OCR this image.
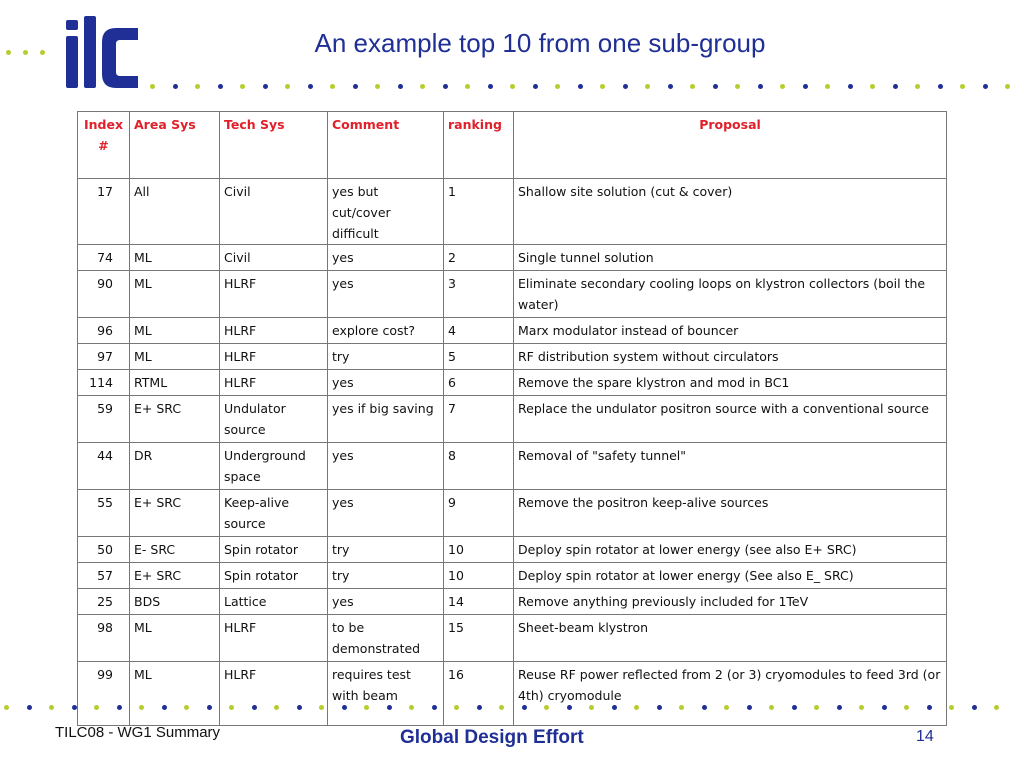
ilc
An example top 10 from one sub-group
Index #	Area Sys	Tech Sys	Comment	ranking	Proposal
17	All	Civil	yes but cut/cover difficult	1	Shallow site solution (cut & cover)
74	ML	Civil	yes	2	Single tunnel solution
90	ML	HLRF	yes	3	Eliminate secondary cooling loops on klystron collectors (boil the water)
96	ML	HLRF	explore cost?	4	Marx modulator instead of bouncer
97	ML	HLRF	try	5	RF distribution system without circulators
114	RTML	HLRF	yes	6	Remove the spare klystron and mod in BC1
59	E+ SRC	Undulator source	yes if big saving	7	Replace the undulator positron source with a conventional source
44	DR	Underground space	yes	8	Removal of "safety tunnel"
55	E+ SRC	Keep-alive source	yes	9	Remove the positron keep-alive sources
50	E- SRC	Spin rotator	try	10	Deploy spin rotator at lower energy (see also E+ SRC)
57	E+ SRC	Spin rotator	try	10	Deploy spin rotator at lower energy (See also E_ SRC)
25	BDS	Lattice	yes	14	Remove anything previously included for 1TeV
98	ML	HLRF	to be demonstrated	15	Sheet-beam klystron
99	ML	HLRF	requires test with beam	16	Reuse RF power reflected from 2 (or 3) cryomodules to feed 3rd (or 4th) cryomodule
TILC08 - WG1 Summary	Global Design Effort	14
